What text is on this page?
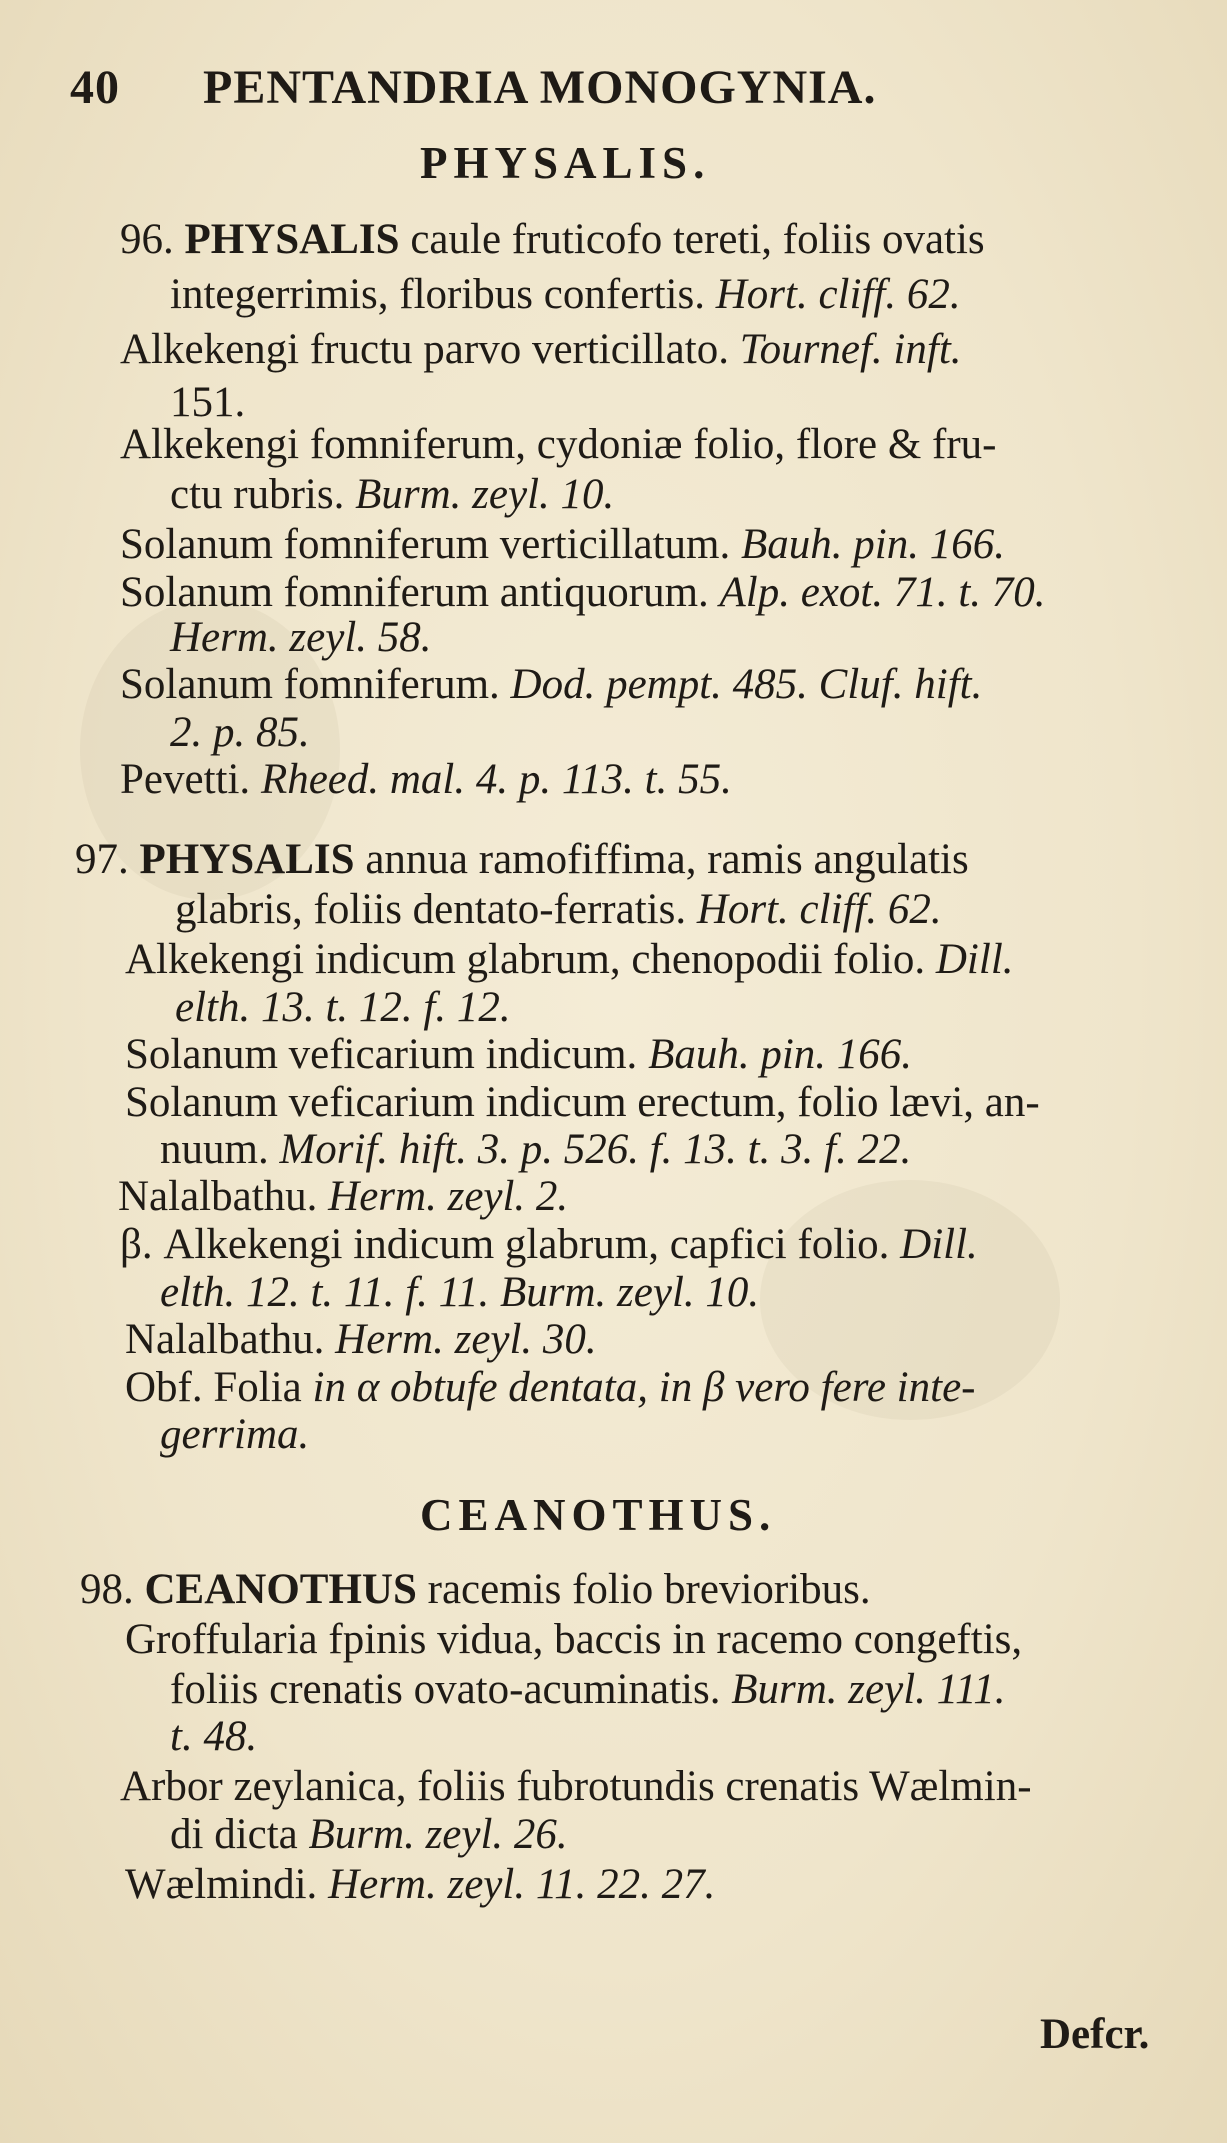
40 PENTANDRIA MONOGYNIA.
PHYSALIS.
96. PHYSALIS caule fruticofo tereti, foliis ovatis
integerrimis, floribus confertis. Hort. cliff. 62.
Alkekengi fructu parvo verticillato. Tournef. inft.
151.
Alkekengi fomniferum, cydoniæ folio, flore & fru-
ctu rubris. Burm. zeyl. 10.
Solanum fomniferum verticillatum. Bauh. pin. 166.
Solanum fomniferum antiquorum. Alp. exot. 71. t. 70.
Herm. zeyl. 58.
Solanum fomniferum. Dod. pempt. 485. Cluf. hift.
2. p. 85.
Pevetti. Rheed. mal. 4. p. 113. t. 55.
97. PHYSALIS annua ramofiffima, ramis angulatis
glabris, foliis dentato-ferratis. Hort. cliff. 62.
Alkekengi indicum glabrum, chenopodii folio. Dill.
elth. 13. t. 12. f. 12.
Solanum veficarium indicum. Bauh. pin. 166.
Solanum veficarium indicum erectum, folio lævi, an-
nuum. Morif. hift. 3. p. 526. f. 13. t. 3. f. 22.
Nalalbathu. Herm. zeyl. 2.
β. Alkekengi indicum glabrum, capfici folio. Dill.
elth. 12. t. 11. f. 11. Burm. zeyl. 10.
Nalalbathu. Herm. zeyl. 30.
Obf. Folia in α obtufe dentata, in β vero fere inte-
gerrima.
CEANOTHUS.
98. CEANOTHUS racemis folio brevioribus.
Groffularia fpinis vidua, baccis in racemo congeftis,
foliis crenatis ovato-acuminatis. Burm. zeyl. 111.
t. 48.
Arbor zeylanica, foliis fubrotundis crenatis Wælmin-
di dicta Burm. zeyl. 26.
Wælmindi. Herm. zeyl. 11. 22. 27.
Defcr.
